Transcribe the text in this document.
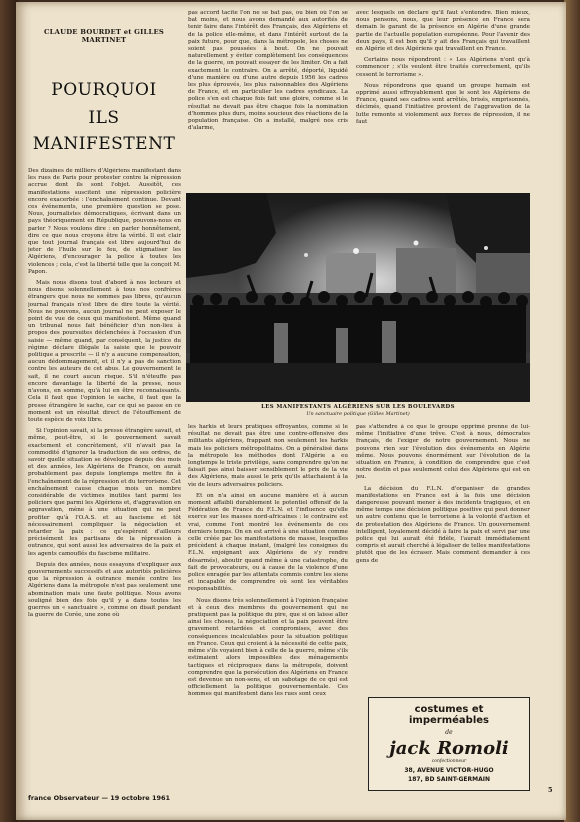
CLAUDE BOURDET et GILLES MARTINET
POURQUOI
ILS
MANIFESTENT

Des dizaines de milliers d'Algériens manifestant dans les rues de Paris pour protester contre la répression accrue dont ils sont l'objet. Aussitôt, ces manifestations suscitent une répression policière encore exacerbée : l'enchaînement continue. Devant ces événements, une première question se pose. Nous, journalistes démocratiques, écrivant dans un pays théoriquement en République, pouvons-nous en parler ? Nous voulons dire : en parler honnêtement, dire ce que nous croyons être la vérité. Il est clair que tout journal français est libre aujourd'hui de jeter de l'huile sur le feu, de stigmatiser les Algériens, d'encourager la police à toutes les violences ; cela, c'est la liberté telle que la conçoit M. Papon.

Mais nous disons tout d'abord à nos lecteurs et nous disons solennellement à tous nos confrères étrangers que nous ne sommes pas libres, qu'aucun journal français n'est libre de dire toute la vérité. Nous ne pouvons, aucun journal ne peut exposer le point de vue de ceux qui manifestent. Même quand un tribunal nous fait bénéficier d'un non-lieu à propos des poursuites déclenchées à l'occasion d'un saisie — même quand, par conséquent, la justice du régime déclare illégale la saisie que le pouvoir politique a prescrite — il n'y a aucune compensation, aucun dédommagement, et il n'y a pas de sanction contre les auteurs de cet abus. Le gouvernement le sait, il ne court aucun risque. S'il n'éteuffe pas encore davantage la liberté de la presse, nous n'avons, en somme, qu'à lui en être reconnaissants. Cela il faut que l'opinion le sache, il faut que la presse étrangère le sache, car ce qui se passe en ce moment est un résultat direct de l'étouffement de toute espèce de voix libre.

Si l'opinion savait, si la presse étrangère savait, et même, peut-être, si le gouvernement savait exactement et concrètement, s'il n'avait pas la commodité d'ignorer la traduction de ses ordres, de savoir quelle situation se développe depuis des mois et des années, les Algériens de France, on aurait probablement pas depuis longtemps mettre fin à l'enchaînement de la répression et du terrorisme. Cet enchaînement cause chaque mois un nombre considérable de victimes inutiles tant parmi les policiers que parmi les Algériens et, d'aggravation en aggravation, mène à une situation qui ne peut profiter qu'à l'O.A.S. et au fascisme et tôt nécessairement compliquer la négociation et retarder la paix : ce qu'espèrent d'ailleurs précisément les partisans de la répression à outrance, qui sont aussi les adversaires de la paix et les agents camouflés du fascisme militaire.

Depuis des années, nous essayons d'expliquer aux gouvernements successifs et aux autorités policières que la répression à outrance menée contre les Algériens dans la métropole n'est pas seulement une abomination mais une faute politique. Nous avons souligné bien des fois qu'il y a dans toutes les guerres un « sanctuaire », comme on disait pendant la guerre de Corée, une zone où

pas accord tacite l'on ne se bat pas, ou bien où l'on se bat moins, et nous avons demandé aux autorités de tenir faire dans l'intérêt des Français, des Algériens et de la police elle-même, et dans l'intérêt surtout de la paix future, pour que, dans la métropole, les choses ne soient pas poussées à bout. On ne pouvait naturellement y éviter complètement les conséquences de la guerre, on pouvait essayer de les limiter. On a fait exactement le contraire. On a arrêté, déporté, liquidé d'une manière ou d'une autre depuis 1956 les cadres les plus éprouvés, les plus raisonnables des Algériens de France, et en particulier les cadres syndicaux. La police s'en est chaque fois fait une gloire, comme si le résultat ne devait pas être chaque fois la nomination d'hommes plus durs, moins soucieux des réactions de la population française. On a installé, malgré nos cris d'alarme,

avec lesquels on déclare qu'il faut s'entendre. Bien mieux, nous pensons, nous, que leur présence en France sera demain le garant de la présence en Algérie d'une grande partie de l'actuelle population européenne. Pour l'avenir des deux pays, il est bon qu'il y ait des Français qui travaillent en Algérie et des Algériens qui travaillent en France.

Certains nous répondront : « Les Algériens n'ont qu'à commencer ; s'ils veulent être traités correctement, qu'ils cessent le terrorisme ».

Nous répondrons que quand un groupe humain est opprimé aussi effroyablement que le sont les Algériens de France, quand ses cadres sont arrêtés, brisés, emprisonnés, décimés, quand l'initiative provient de l'aggravation de la lutte remonte si violemment aux forces de répression, il ne faut

LES MANIFESTANTS ALGÉRIENS SUR LES BOULEVARDS
Un sanctuaire politique (Gilles Martinet)

les harkis et leurs pratiques effroyantes, comme si le résultat ne devait pas être une contre-offensive des militants algériens, frappant non seulement les harkis mais les policiers métropolitains. On a généralisé dans la métropole les méthodes dont l'Algérie a eu longtemps le triste privilège, sans comprendre qu'on ne faisait pas ainsi baisser sensiblement le prix de la vie des Algériens, mais aussi le prix qu'ils attachaient à la vie de leurs adversaires policiers.

Et on n'a ainsi en aucune manière et à aucun moment affaibli durablement le potentiel offensif de la Fédération de France du F.L.N. et l'influence qu'elle exerce sur les masses nord-africaines : le contraire est vrai, comme l'ont montré les événements de ces derniers temps. On en est arrivé à une situation comme celle créée par les manifestations de masse, lesquelles précèdent à chaque instant, (malgré les consignes du F.L.N. enjoignant aux Algériens de s'y rendre désarmés), aboutir quand même à une catastrophe, du fait de provocateurs, ou à cause de la violence d'une police enragée par les attentats commis contre les siens et incapable de comprendre où sont les véritables responsabilités.

Nous disons très solennellement à l'opinion française et à ceux des membres du gouvernement qui ne pratiquent pas la politique du pire, que si on laisse aller ainsi les choses, la négociation et la paix peuvent être gravement retardées et compromises, avec des conséquences incalculables pour la situation politique en France. Ceux qui croient à la nécessité de cette paix, même s'ils voyaient bien à celle de la guerre, même s'ils estimaient alors impossibles des ménagements tactiques et réciproques dans la métropole, doivent comprendre que la persécution des Algériens en France est devenue un non-sens, et un sabotage de ce qui est officiellement la politique gouvernementale. Ces hommes qui manifestent dans les rues sont ceux

pas s'attendre à ce que le groupe opprimé prenne de lui-même l'initiative d'une trêve. C'est à nous, démocrates français, de l'exiger de notre gouvernement. Nous ne pouvons rien sur l'évolution des événements en Algérie même. Nous pouvons énormément sur l'évolution de la situation en France, à condition de comprendre que c'est notre destin et pas seulement celui des Algériens qui est en jeu.

La décision du F.L.N. d'organiser de grandes manifestations en France est à la fois une décision dangereuse pouvant mener à des incidents tragiques, et en même temps une décision politique positive qui peut donner un autre contenu que le terrorisme à la volonté d'action et de protestation des Algériens de France. Un gouvernement intelligent, loyalement décidé à faire la paix et servi par une police qui lui aurait été fidèle, l'aurait immédiatement compris et aurait cherché à légaliser de telles manifestations plutôt que de les écraser. Mais comment demander à ces gens de

costumes et
imperméables
de
jack Romoli
confectionneur
38, AVENUE VICTOR-HUGO
187, BD SAINT-GERMAIN
france Observateur — 19 octobre 1961
5
